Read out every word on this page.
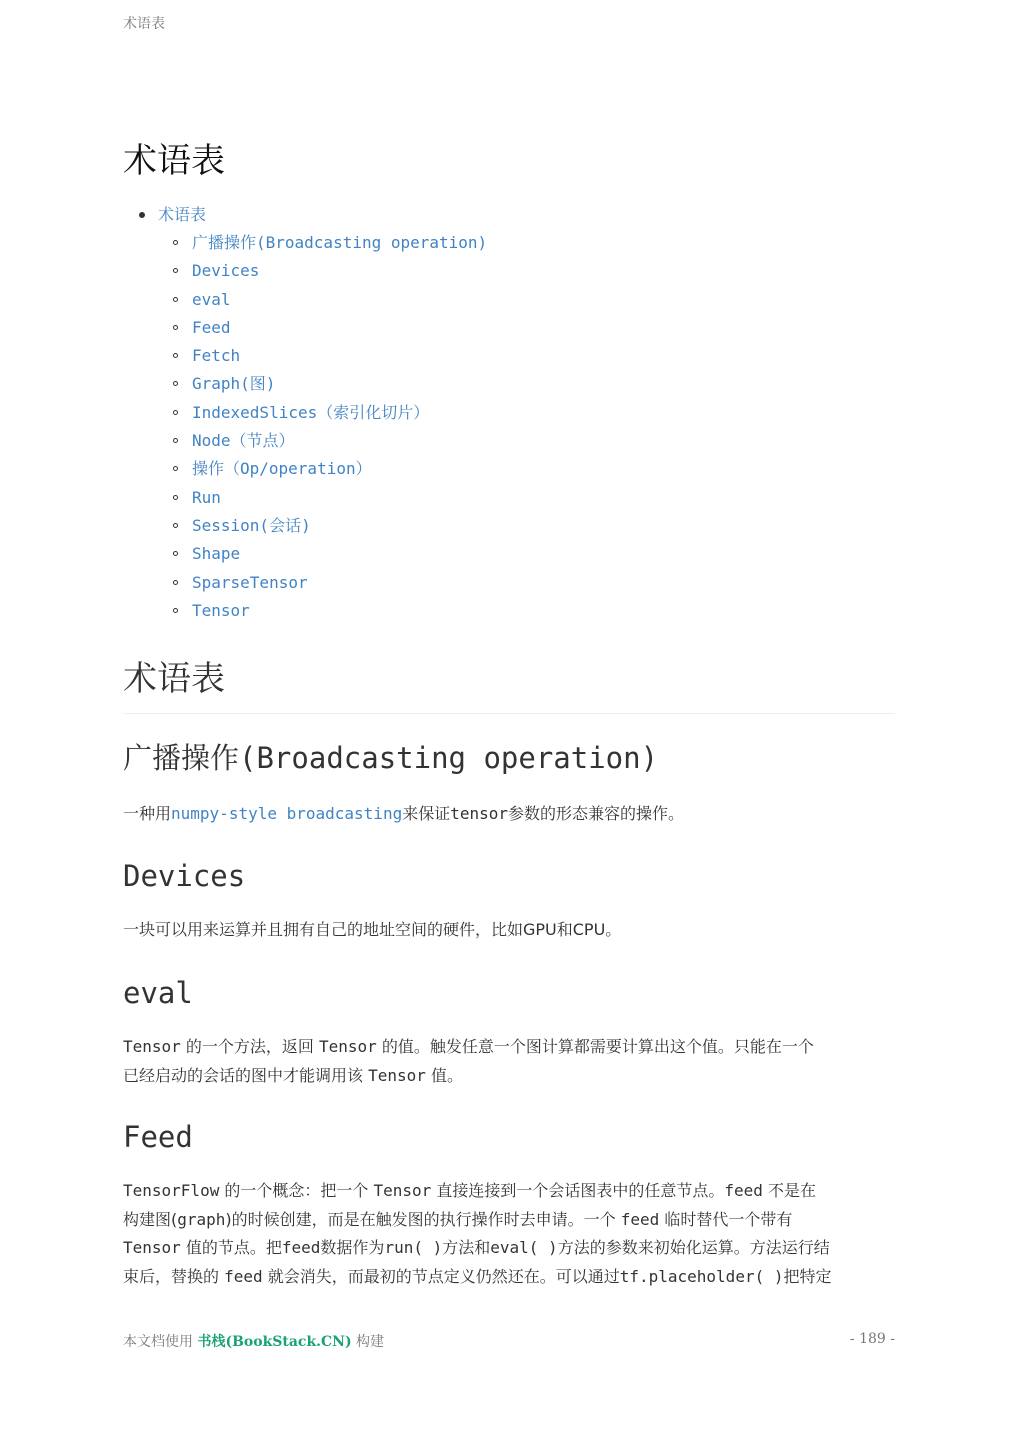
术语表
术语表
术语表
广播操作(Broadcasting operation)
Devices
eval
Feed
Fetch
Graph(图)
IndexedSlices（索引化切片）
Node（节点）
操作（Op/operation）
Run
Session(会话)
Shape
SparseTensor
Tensor
术语表
广播操作(Broadcasting operation)

一种用numpy-style broadcasting来保证tensor参数的形态兼容的操作。

Devices

一块可以用来运算并且拥有自己的地址空间的硬件，比如GPU和CPU。

eval

Tensor 的一个方法，返回 Tensor 的值。触发任意一个图计算都需要计算出这个值。只能在一个
已经启动的会话的图中才能调用该 Tensor 值。

Feed

TensorFlow 的一个概念：把一个 Tensor 直接连接到一个会话图表中的任意节点。feed 不是在
构建图(graph)的时候创建，而是在触发图的执行操作时去申请。一个 feed 临时替代一个带有
Tensor 值的节点。把feed数据作为run( )方法和eval( )方法的参数来初始化运算。方法运行结
束后，替换的 feed 就会消失，而最初的节点定义仍然还在。可以通过tf.placeholder( )把特定

本文档使用 书栈(BookStack.CN) 构建	- 189 -
